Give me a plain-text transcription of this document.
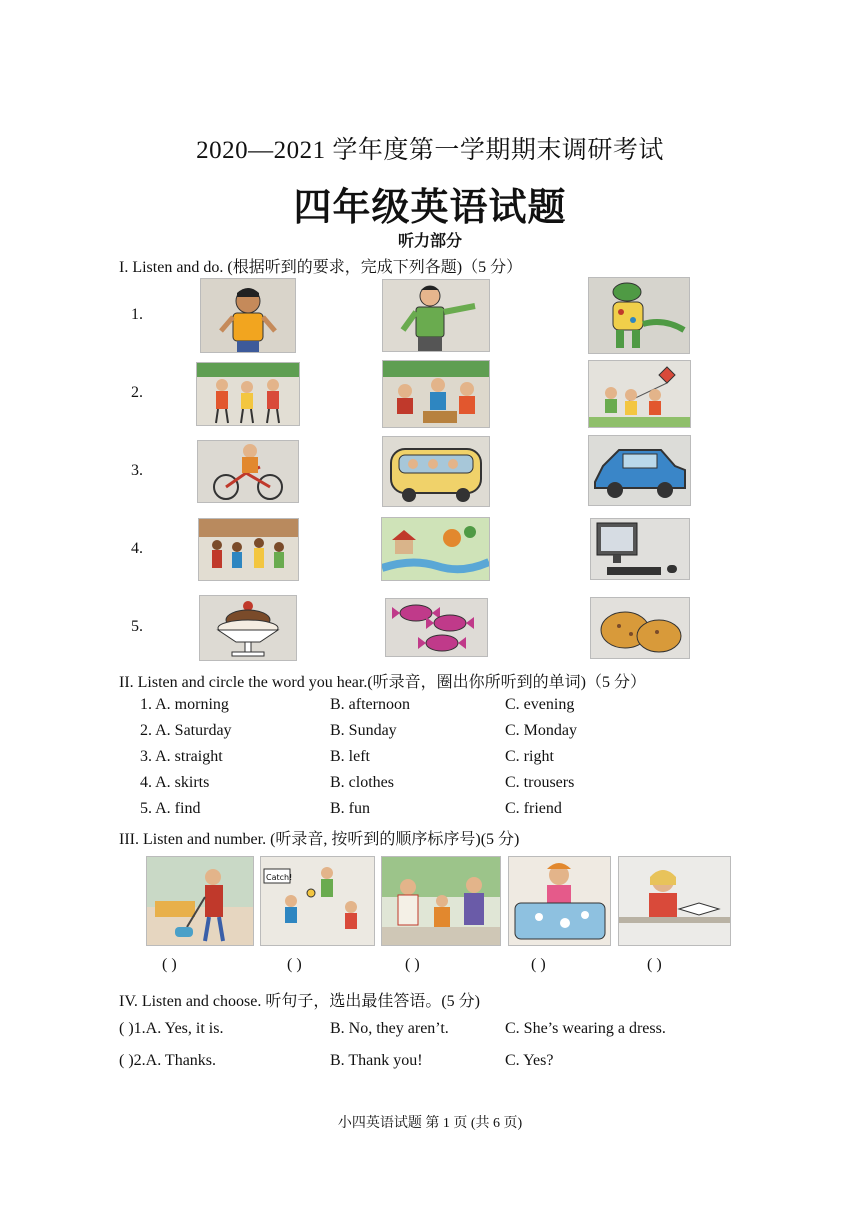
2020—2021 学年度第一学期期末调研考试
四年级英语试题
听力部分
I. Listen and do. (根据听到的要求，完成下列各题)（5 分）
1.
2.
3.
4.
5.
II. Listen and circle the word you hear.(听录音，圈出你所听到的单词)（5 分）
1. A. morning	B. afternoon	C. evening
2. A. Saturday	B. Sunday	C. Monday
3. A. straight	B. left	C. right
4. A. skirts	B. clothes	C. trousers
5. A. find	B. fun	C. friend
III. Listen and number. (听录音, 按听到的顺序标序号)(5 分)
Catch!
( )	( )	( )	( )	( )
IV. Listen and choose. 听句子，选出最佳答语。(5 分)
( )1.A. Yes, it is.	B. No, they aren’t.	C. She’s wearing a dress.
( )2.A. Thanks.	B. Thank you!	C. Yes?
小四英语试题 第 1 页 (共 6 页)
